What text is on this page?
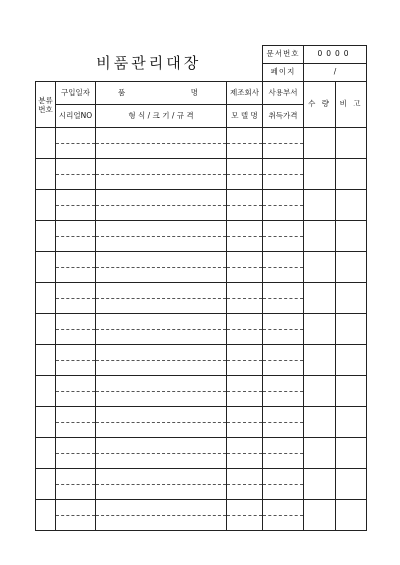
비품관리대장				문서번호	0000	
				페이지	/	

분류
번호	구입일자	품 명	제조회사	사용부서	수 량	비 고
	시리얼NO	형 식 / 크 기 / 규 격	모 델 명	취득가격		
